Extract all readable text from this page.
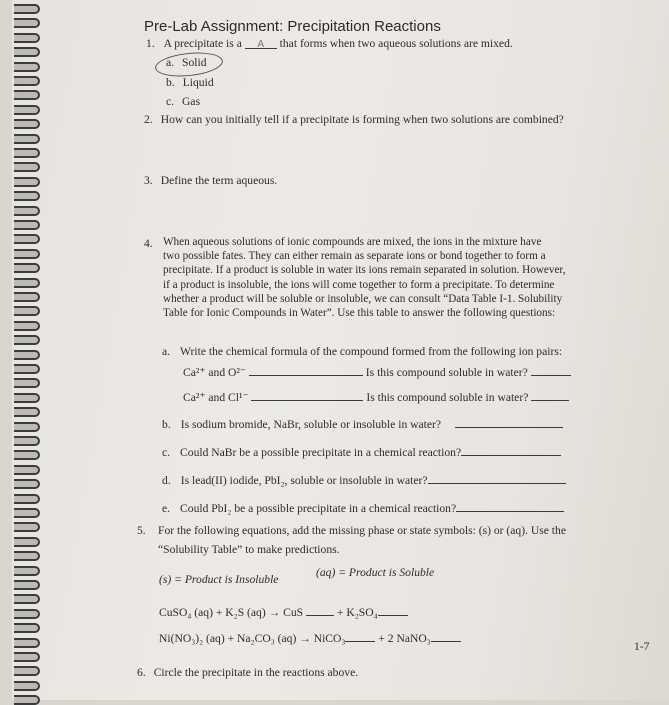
Pre-Lab Assignment: Precipitation Reactions
1. A precipitate is a A that forms when two aqueous solutions are mixed.
a. Solid
b. Liquid
c. Gas
2. How can you initially tell if a precipitate is forming when two solutions are combined?
3. Define the term aqueous.
4. When aqueous solutions of ionic compounds are mixed, the ions in the mixture have
two possible fates. They can either remain as separate ions or bond together to form a
precipitate. If a product is soluble in water its ions remain separated in solution. However,
if a product is insoluble, the ions will come together to form a precipitate. To determine
whether a product will be soluble or insoluble, we can consult “Data Table I-1. Solubility
Table for Ionic Compounds in Water”. Use this table to answer the following questions:
a. Write the chemical formula of the compound formed from the following ion pairs:
Ca²⁺ and O²⁻	Is this compound soluble in water?
Ca²⁺ and Cl¹⁻	Is this compound soluble in water?
b. Is sodium bromide, NaBr, soluble or insoluble in water?
c. Could NaBr be a possible precipitate in a chemical reaction?
d. Is lead(II) iodide, PbI₂, soluble or insoluble in water?
e. Could PbI₂ be a possible precipitate in a chemical reaction?
5. For the following equations, add the missing phase or state symbols: (s) or (aq). Use the
“Solubility Table” to make predictions.
(s) = Product is Insoluble
(aq) = Product is Soluble
CuSO₄ (aq) + K₂S (aq) → CuS	+ K₂SO₄
Ni(NO₃)₂ (aq) + Na₂CO₃ (aq) → NiCO₃	+ 2 NaNO₃
1-7
6. Circle the precipitate in the reactions above.
